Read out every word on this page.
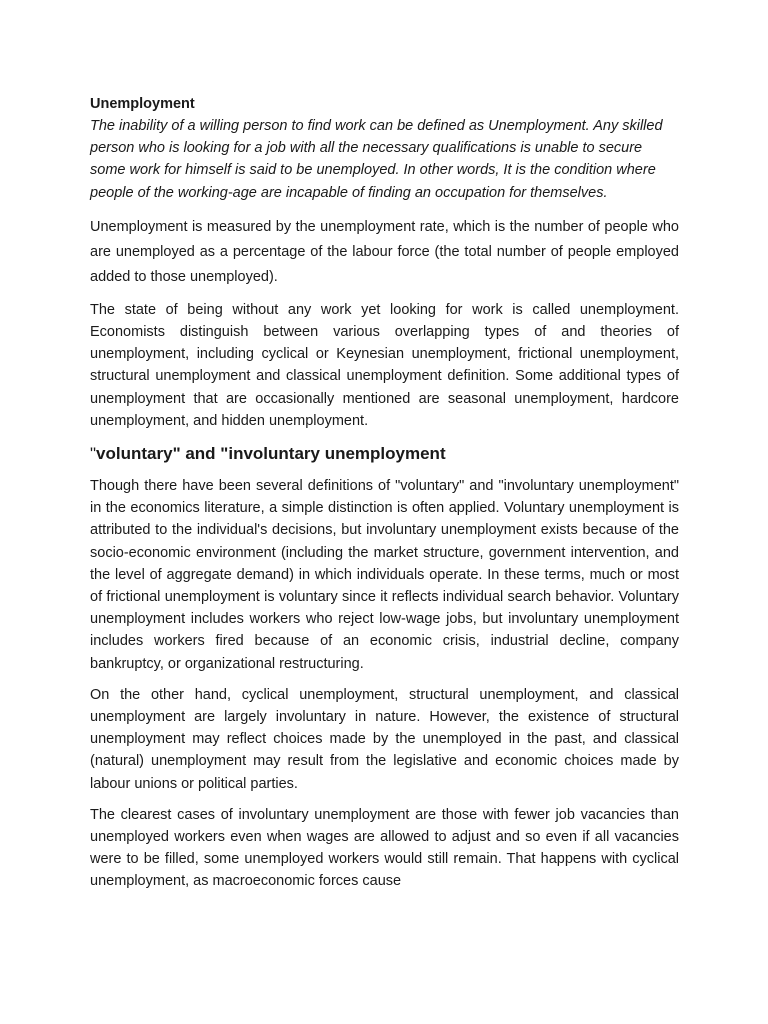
Unemployment

The inability of a willing person to find work can be defined as Unemployment. Any skilled person who is looking for a job with all the necessary qualifications is unable to secure some work for himself is said to be unemployed. In other words, It is the condition where people of the working-age are incapable of finding an occupation for themselves.

Unemployment is measured by the unemployment rate, which is the number of people who are unemployed as a percentage of the labour force (the total number of people employed added to those unemployed).

The state of being without any work yet looking for work is called unemployment. Economists distinguish between various overlapping types of and theories of unemployment, including cyclical or Keynesian unemployment, frictional unemployment, structural unemployment and classical unemployment definition. Some additional types of unemployment that are occasionally mentioned are seasonal unemployment, hardcore unemployment, and hidden unemployment.

"voluntary" and "involuntary unemployment

Though there have been several definitions of "voluntary" and "involuntary unemployment" in the economics literature, a simple distinction is often applied. Voluntary unemployment is attributed to the individual's decisions, but involuntary unemployment exists because of the socio-economic environment (including the market structure, government intervention, and the level of aggregate demand) in which individuals operate. In these terms, much or most of frictional unemployment is voluntary since it reflects individual search behavior. Voluntary unemployment includes workers who reject low-wage jobs, but involuntary unemployment includes workers fired because of an economic crisis, industrial decline, company bankruptcy, or organizational restructuring.

On the other hand, cyclical unemployment, structural unemployment, and classical unemployment are largely involuntary in nature. However, the existence of structural unemployment may reflect choices made by the unemployed in the past, and classical (natural) unemployment may result from the legislative and economic choices made by labour unions or political parties.

The clearest cases of involuntary unemployment are those with fewer job vacancies than unemployed workers even when wages are allowed to adjust and so even if all vacancies were to be filled, some unemployed workers would still remain. That happens with cyclical unemployment, as macroeconomic forces cause
